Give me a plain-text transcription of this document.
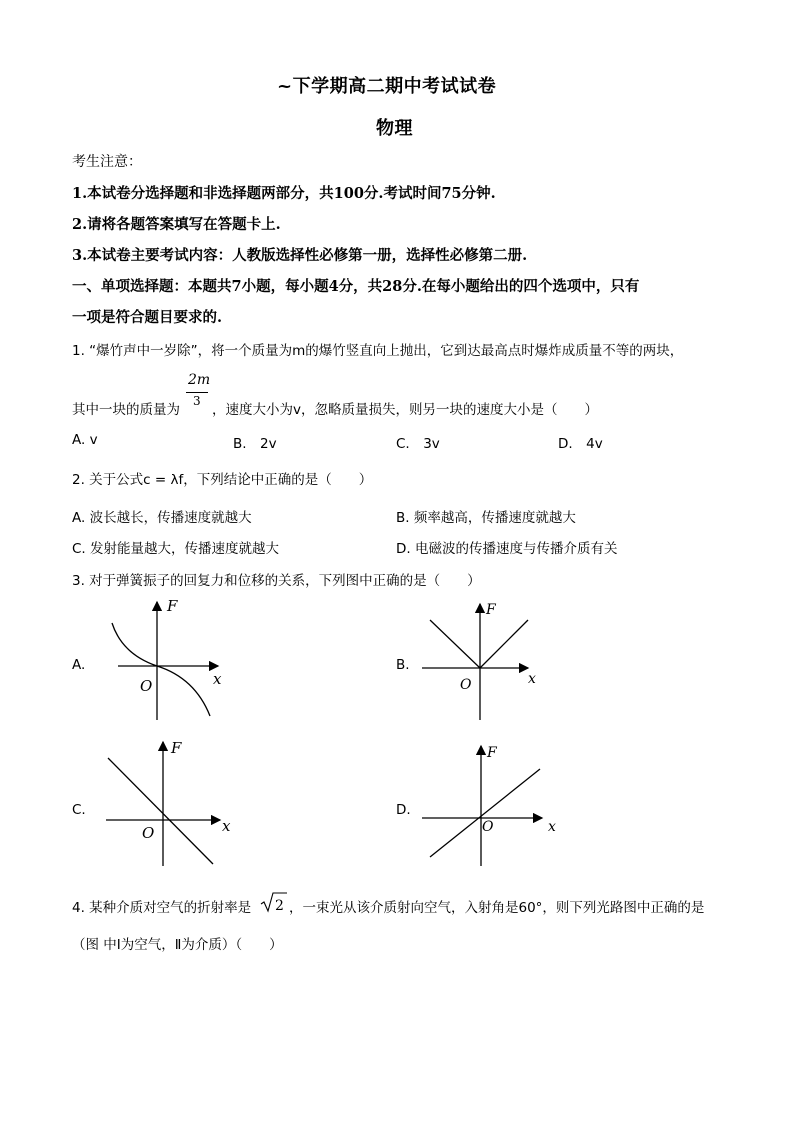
~下学期高二期中考试试卷
物理
考生注意：
1.本试卷分选择题和非选择题两部分，共100分.考试时间75分钟.
2.请将各题答案填写在答题卡上.
3.本试卷主要考试内容：人教版选择性必修第一册，选择性必修第二册.
一、单项选择题：本题共7小题，每小题4分，共28分.在每小题给出的四个选项中，只有
一项是符合题目要求的.
1. “爆竹声中一岁除”，将一个质量为m的爆竹竖直向上抛出，它到达最高点时爆炸成质量不等的两块，
其中一块的质量为
2m
3
，速度大小为v，忽略质量损失，则另一块的速度大小是（　　）
A. v	B.　2v	C.　3v	D.　4v
2. 关于公式c = λf，下列结论中正确的是（　　）
A. 波长越长，传播速度就越大	B. 频率越高，传播速度就越大
C. 发射能量越大，传播速度就越大	D. 电磁波的传播速度与传播介质有关
3. 对于弹簧振子的回复力和位移的关系，下列图中正确的是（　　）
A.
F
x
O
B.
F
x
O
C.
F
x
O
D.
F
x
O
4. 某种介质对空气的折射率是 2 ，一束光从该介质射向空气，入射角是60°，则下列光路图中正确的是
（图 中Ⅰ为空气，Ⅱ为介质）（　　）
